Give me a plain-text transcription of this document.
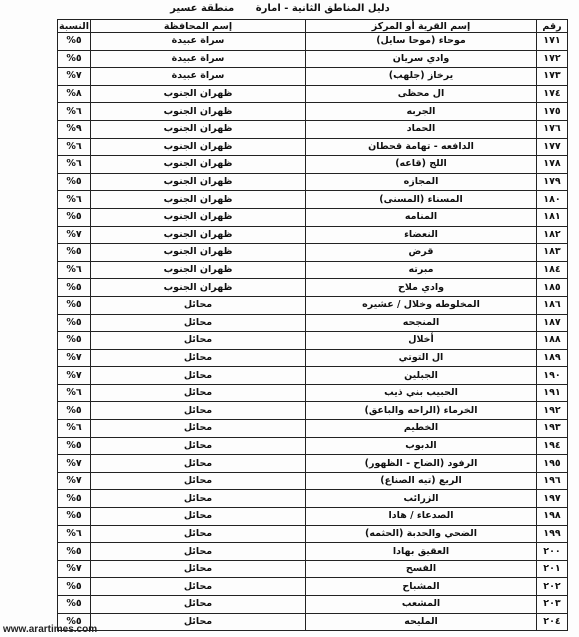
دليل المناطق الثانية - امارة منطقة عسير
رقم	إسم القرية أو المركز	إسم المحافظة	النسبة
١٧١	موحاء (موحا سايل)	سراة عبيدة	٥%
١٧٢	وادي سريان	سراة عبيدة	٥%
١٧٣	يرخاز (جلهب)	سراة عبيدة	٧%
١٧٤	ال محظى	ظهران الجنوب	٨%
١٧٥	الجربه	ظهران الجنوب	٦%
١٧٦	الحماد	ظهران الجنوب	٩%
١٧٧	الدافعه - تهامة قحطان	ظهران الجنوب	٦%
١٧٨	اللج (قاعه)	ظهران الجنوب	٦%
١٧٩	المجازه	ظهران الجنوب	٥%
١٨٠	المسناء (المسنى)	ظهران الجنوب	٦%
١٨١	المنامه	ظهران الجنوب	٥%
١٨٢	النعضاء	ظهران الجنوب	٧%
١٨٣	قرض	ظهران الجنوب	٥%
١٨٤	مبرته	ظهران الجنوب	٦%
١٨٥	وادي ملاح	ظهران الجنوب	٥%
١٨٦	المخلوطه وخلال / عشيره	محائل	٥%
١٨٧	المنجحه	محائل	٥%
١٨٨	أخلال	محائل	٥%
١٨٩	ال التوتي	محائل	٧%
١٩٠	الجبلين	محائل	٧%
١٩١	الحبيب بني ذيب	محائل	٦%
١٩٢	الخرماء (الراحه والباعق)	محائل	٥%
١٩٣	الخطيم	محائل	٦%
١٩٤	الدبوب	محائل	٥%
١٩٥	الرفود (الضاح - الظهور)	محائل	٧%
١٩٦	الريع (تيه الصناع)	محائل	٧%
١٩٧	الزرائب	محائل	٥%
١٩٨	الصدعاء / هادا	محائل	٥%
١٩٩	الضحي والحدبة (الحثمه)	محائل	٦%
٢٠٠	العقيق بهادا	محائل	٥%
٢٠١	الفسح	محائل	٧%
٢٠٢	المشباح	محائل	٥%
٢٠٣	المشعب	محائل	٥%
٢٠٤	المليحه	محائل	٥%
www.arartimes.com
